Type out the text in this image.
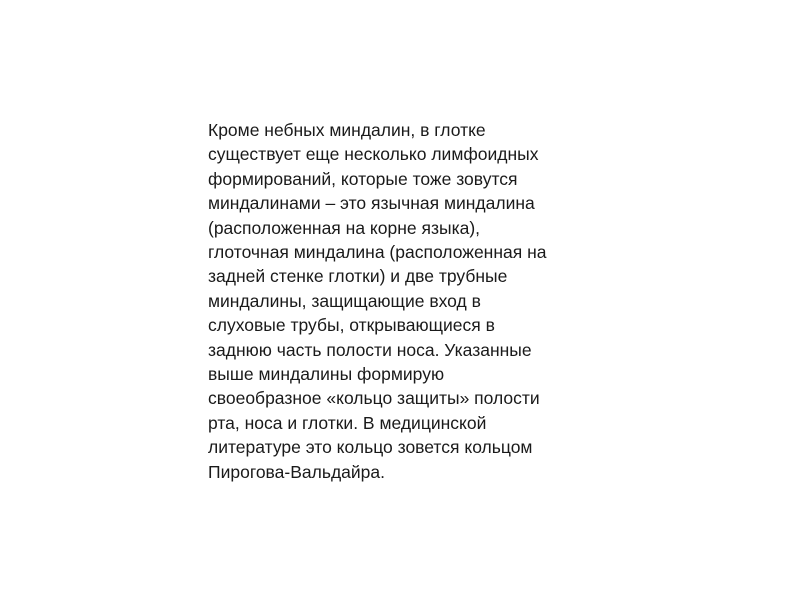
Кроме небных миндалин, в глотке
существует еще несколько лимфоидных
формирований, которые тоже зовутся
миндалинами – это язычная миндалина
(расположенная на корне языка),
глоточная миндалина (расположенная на
задней стенке глотки) и две трубные
миндалины, защищающие вход в
слуховые трубы, открывающиеся в
заднюю часть полости носа. Указанные
выше миндалины формирую
своеобразное «кольцо защиты» полости
рта, носа и глотки. В медицинской
литературе это кольцо зовется кольцом
Пирогова-Вальдайра.
